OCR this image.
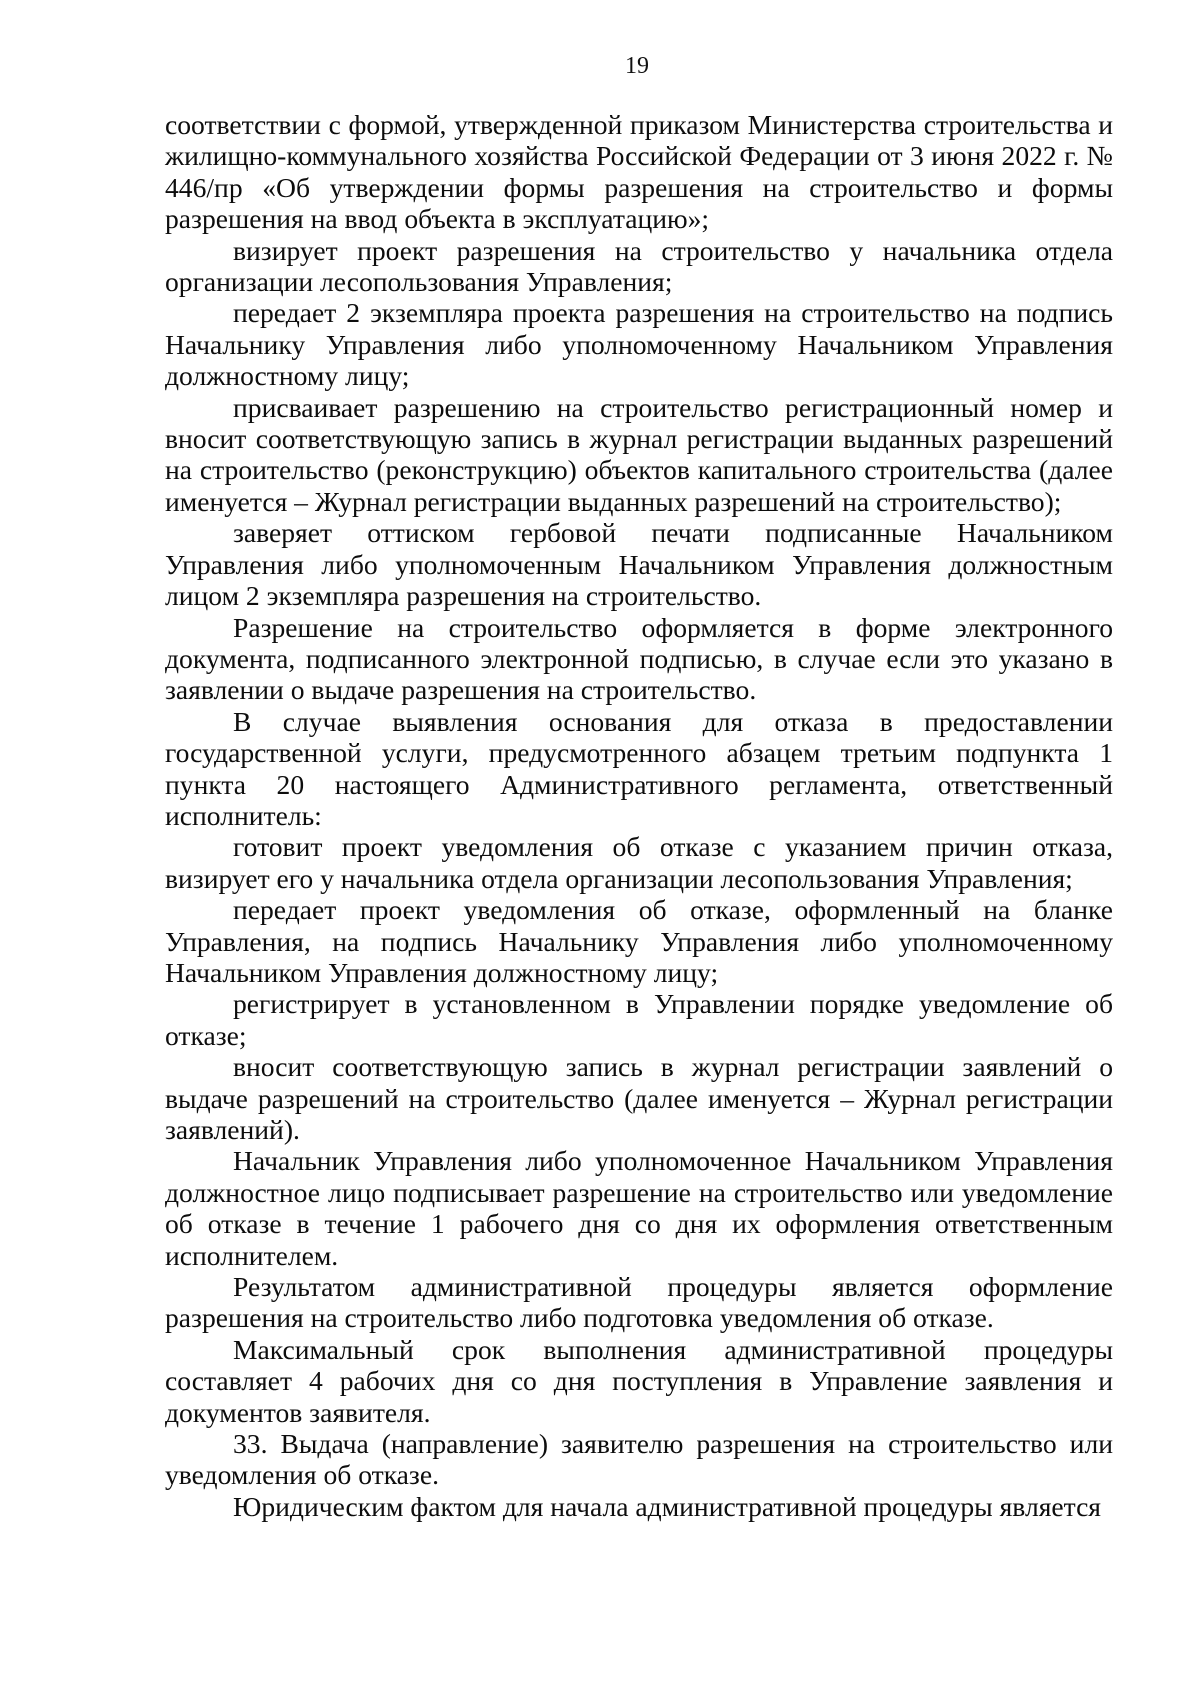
19

соответствии с формой, утвержденной приказом Министерства строительства и жилищно-коммунального хозяйства Российской Федерации от 3 июня 2022 г. № 446/пр «Об утверждении формы разрешения на строительство и формы разрешения на ввод объекта в эксплуатацию»;

визирует проект разрешения на строительство у начальника отдела организации лесопользования Управления;

передает 2 экземпляра проекта разрешения на строительство на подпись Начальнику Управления либо уполномоченному Начальником Управления должностному лицу;

присваивает разрешению на строительство регистрационный номер и вносит соответствующую запись в журнал регистрации выданных разрешений на строительство (реконструкцию) объектов капитального строительства (далее именуется – Журнал регистрации выданных разрешений на строительство);

заверяет оттиском гербовой печати подписанные Начальником Управления либо уполномоченным Начальником Управления должностным лицом 2 экземпляра разрешения на строительство.

Разрешение на строительство оформляется в форме электронного документа, подписанного электронной подписью, в случае если это указано в заявлении о выдаче разрешения на строительство.

В случае выявления основания для отказа в предоставлении государственной услуги, предусмотренного абзацем третьим подпункта 1 пункта 20 настоящего Административного регламента, ответственный исполнитель:

готовит проект уведомления об отказе с указанием причин отказа, визирует его у начальника отдела организации лесопользования Управления;

передает проект уведомления об отказе, оформленный на бланке Управления, на подпись Начальнику Управления либо уполномоченному Начальником Управления должностному лицу;

регистрирует в установленном в Управлении порядке уведомление об отказе;

вносит соответствующую запись в журнал регистрации заявлений о выдаче разрешений на строительство (далее именуется – Журнал регистрации заявлений).

Начальник Управления либо уполномоченное Начальником Управления должностное лицо подписывает разрешение на строительство или уведомление об отказе в течение 1 рабочего дня со дня их оформления ответственным исполнителем.

Результатом административной процедуры является оформление разрешения на строительство либо подготовка уведомления об отказе.

Максимальный срок выполнения административной процедуры составляет 4 рабочих дня со дня поступления в Управление заявления и документов заявителя.

33. Выдача (направление) заявителю разрешения на строительство или уведомления об отказе.

Юридическим фактом для начала административной процедуры является
